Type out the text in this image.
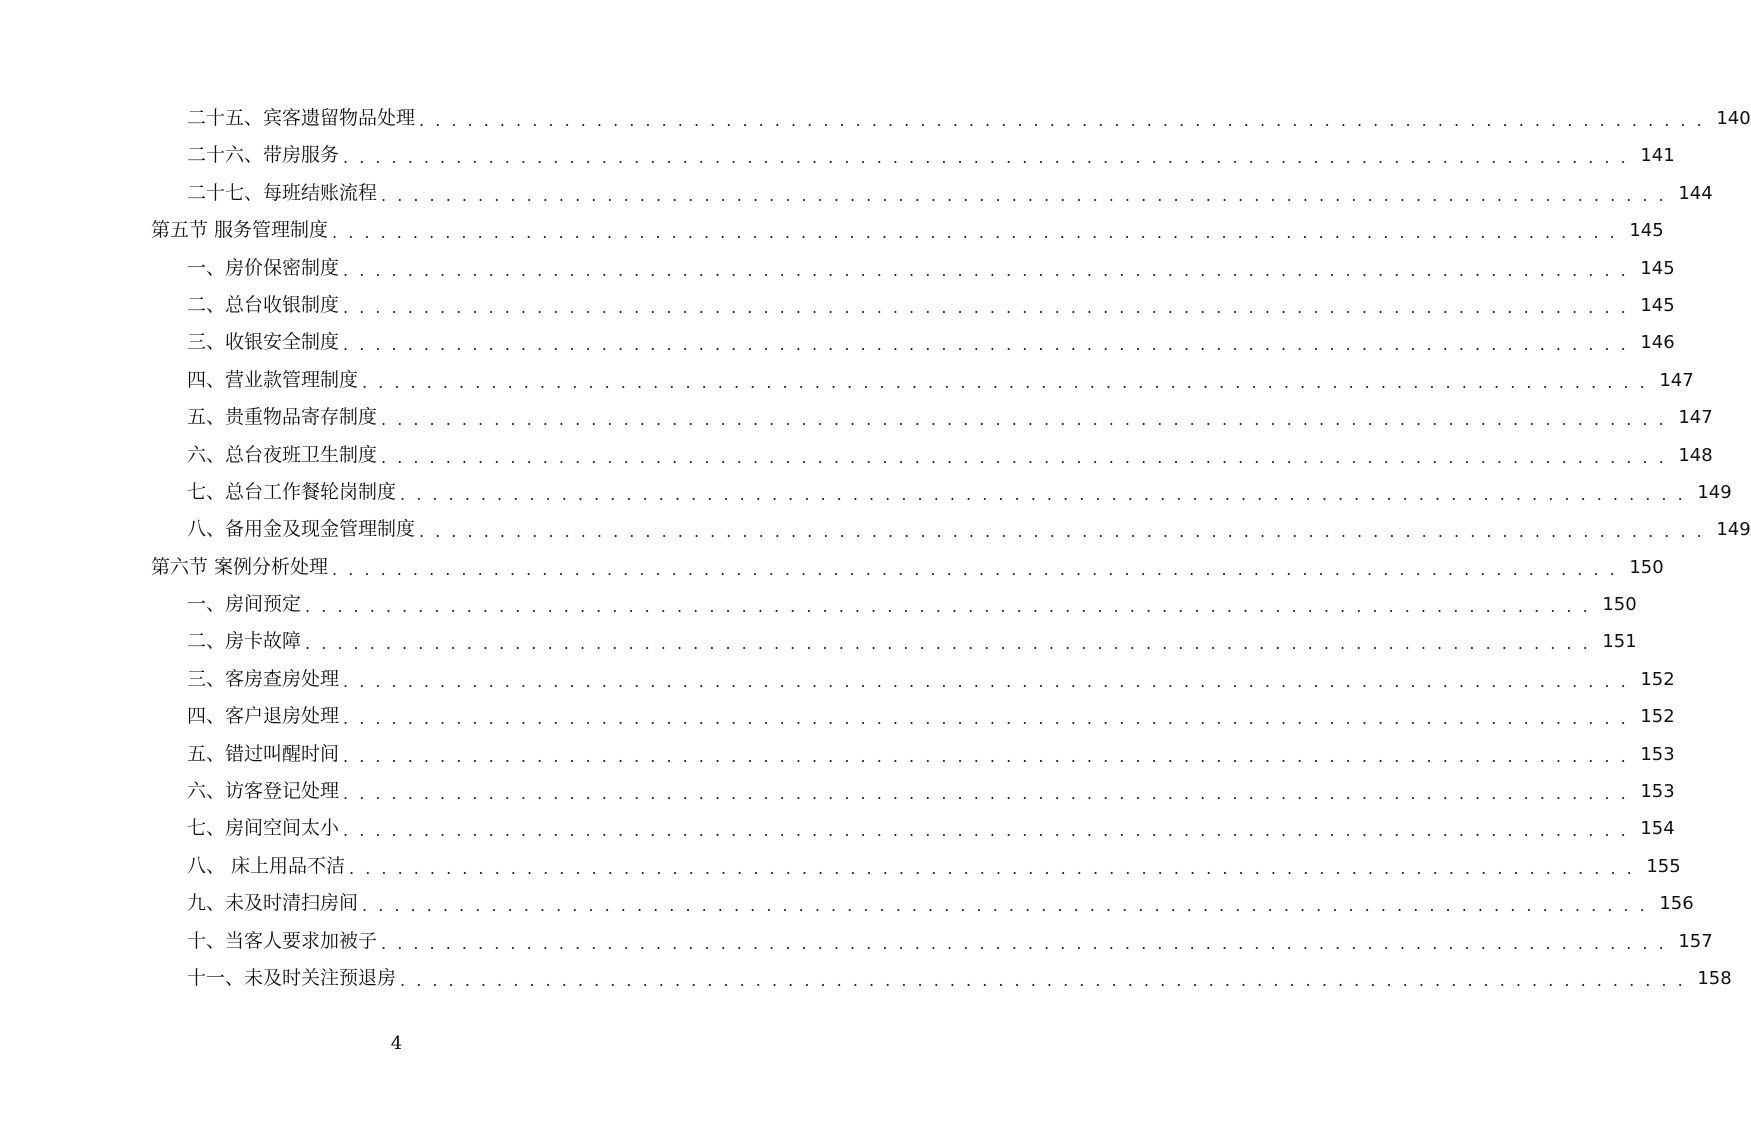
二十五、宾客遗留物品处理 . . . . . . . . . . . . . . . . . . . . . . . . . . . . . . . . . . . . . . . . . . . . . . . . . . . . . . . . . . . . . . . . . . . . . . . . . . . . . . . . 140
二十六、带房服务 . . . . . . . . . . . . . . . . . . . . . . . . . . . . . . . . . . . . . . . . . . . . . . . . . . . . . . . . . . . . . . . . . . . . . . . . . . . . . . . . 141
二十七、每班结账流程 . . . . . . . . . . . . . . . . . . . . . . . . . . . . . . . . . . . . . . . . . . . . . . . . . . . . . . . . . . . . . . . . . . . . . . . . . . . . . . . . 144
第五节 服务管理制度 . . . . . . . . . . . . . . . . . . . . . . . . . . . . . . . . . . . . . . . . . . . . . . . . . . . . . . . . . . . . . . . . . . . . . . . . . . . . . . . . 145
一、房价保密制度 . . . . . . . . . . . . . . . . . . . . . . . . . . . . . . . . . . . . . . . . . . . . . . . . . . . . . . . . . . . . . . . . . . . . . . . . . . . . . . . . 145
二、总台收银制度 . . . . . . . . . . . . . . . . . . . . . . . . . . . . . . . . . . . . . . . . . . . . . . . . . . . . . . . . . . . . . . . . . . . . . . . . . . . . . . . . 145
三、收银安全制度 . . . . . . . . . . . . . . . . . . . . . . . . . . . . . . . . . . . . . . . . . . . . . . . . . . . . . . . . . . . . . . . . . . . . . . . . . . . . . . . . 146
四、营业款管理制度 . . . . . . . . . . . . . . . . . . . . . . . . . . . . . . . . . . . . . . . . . . . . . . . . . . . . . . . . . . . . . . . . . . . . . . . . . . . . . . . . 147
五、贵重物品寄存制度 . . . . . . . . . . . . . . . . . . . . . . . . . . . . . . . . . . . . . . . . . . . . . . . . . . . . . . . . . . . . . . . . . . . . . . . . . . . . . . . . 147
六、总台夜班卫生制度 . . . . . . . . . . . . . . . . . . . . . . . . . . . . . . . . . . . . . . . . . . . . . . . . . . . . . . . . . . . . . . . . . . . . . . . . . . . . . . . . 148
七、总台工作餐轮岗制度 . . . . . . . . . . . . . . . . . . . . . . . . . . . . . . . . . . . . . . . . . . . . . . . . . . . . . . . . . . . . . . . . . . . . . . . . . . . . . . . . 149
八、备用金及现金管理制度 . . . . . . . . . . . . . . . . . . . . . . . . . . . . . . . . . . . . . . . . . . . . . . . . . . . . . . . . . . . . . . . . . . . . . . . . . . . . . . . . 149
第六节 案例分析处理 . . . . . . . . . . . . . . . . . . . . . . . . . . . . . . . . . . . . . . . . . . . . . . . . . . . . . . . . . . . . . . . . . . . . . . . . . . . . . . . . 150
一、房间预定 . . . . . . . . . . . . . . . . . . . . . . . . . . . . . . . . . . . . . . . . . . . . . . . . . . . . . . . . . . . . . . . . . . . . . . . . . . . . . . . . 150
二、房卡故障 . . . . . . . . . . . . . . . . . . . . . . . . . . . . . . . . . . . . . . . . . . . . . . . . . . . . . . . . . . . . . . . . . . . . . . . . . . . . . . . . 151
三、客房查房处理 . . . . . . . . . . . . . . . . . . . . . . . . . . . . . . . . . . . . . . . . . . . . . . . . . . . . . . . . . . . . . . . . . . . . . . . . . . . . . . . . 152
四、客户退房处理 . . . . . . . . . . . . . . . . . . . . . . . . . . . . . . . . . . . . . . . . . . . . . . . . . . . . . . . . . . . . . . . . . . . . . . . . . . . . . . . . 152
五、错过叫醒时间 . . . . . . . . . . . . . . . . . . . . . . . . . . . . . . . . . . . . . . . . . . . . . . . . . . . . . . . . . . . . . . . . . . . . . . . . . . . . . . . . 153
六、访客登记处理 . . . . . . . . . . . . . . . . . . . . . . . . . . . . . . . . . . . . . . . . . . . . . . . . . . . . . . . . . . . . . . . . . . . . . . . . . . . . . . . . 153
七、房间空间太小 . . . . . . . . . . . . . . . . . . . . . . . . . . . . . . . . . . . . . . . . . . . . . . . . . . . . . . . . . . . . . . . . . . . . . . . . . . . . . . . . 154
八、 床上用品不洁 . . . . . . . . . . . . . . . . . . . . . . . . . . . . . . . . . . . . . . . . . . . . . . . . . . . . . . . . . . . . . . . . . . . . . . . . . . . . . . . . 155
九、未及时清扫房间 . . . . . . . . . . . . . . . . . . . . . . . . . . . . . . . . . . . . . . . . . . . . . . . . . . . . . . . . . . . . . . . . . . . . . . . . . . . . . . . . 156
十、当客人要求加被子 . . . . . . . . . . . . . . . . . . . . . . . . . . . . . . . . . . . . . . . . . . . . . . . . . . . . . . . . . . . . . . . . . . . . . . . . . . . . . . . . 157
十一、未及时关注预退房 . . . . . . . . . . . . . . . . . . . . . . . . . . . . . . . . . . . . . . . . . . . . . . . . . . . . . . . . . . . . . . . . . . . . . . . . . . . . . . . . 158
4
